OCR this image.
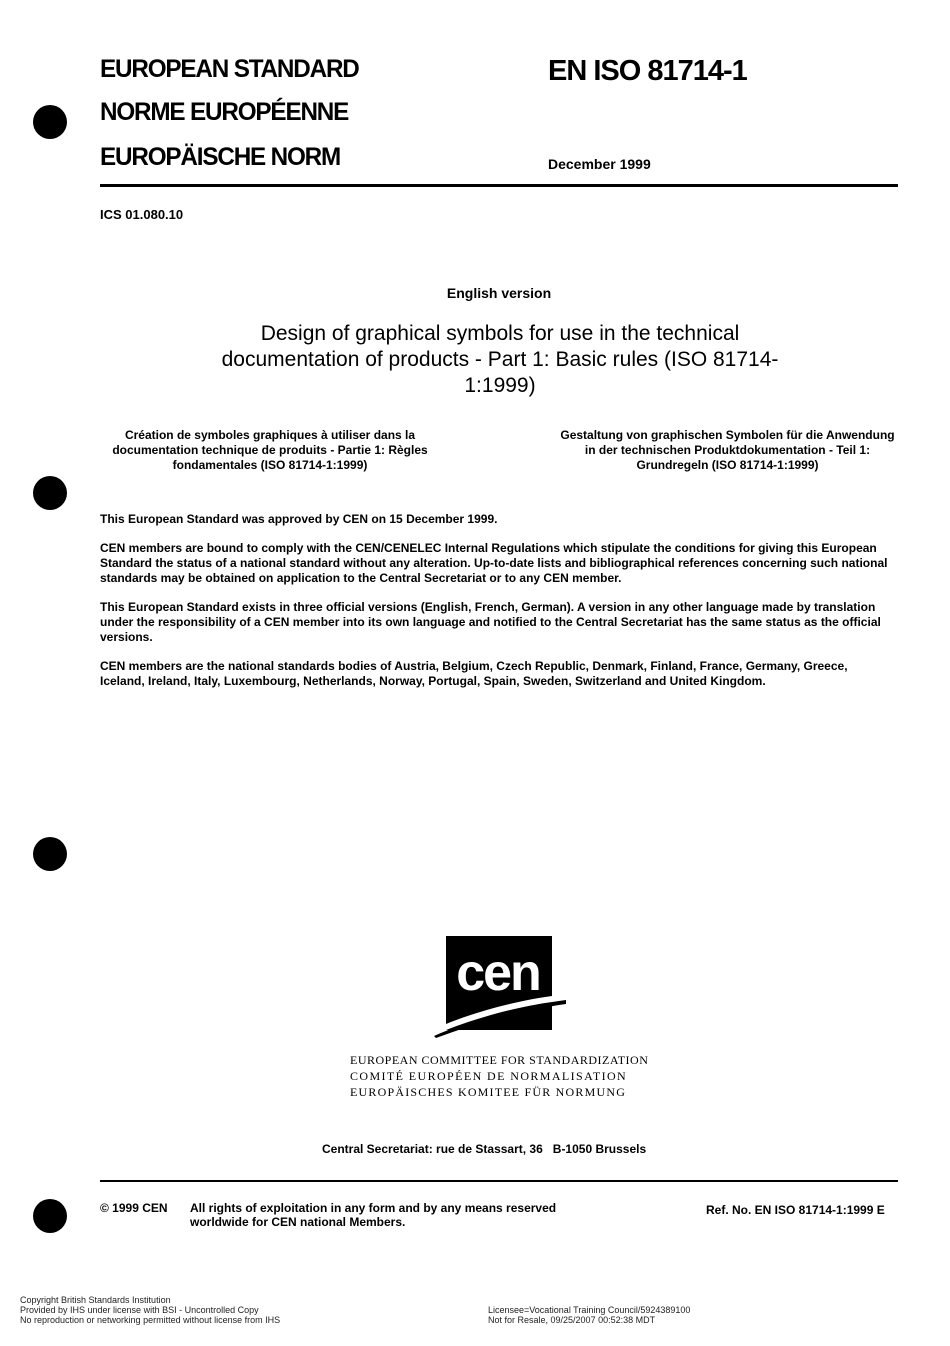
EUROPEAN STANDARD
NORME EUROPÉENNE
EUROPÄISCHE NORM
EN ISO 81714-1
December 1999
ICS 01.080.10
English version
Design of graphical symbols for use in the technical
documentation of products - Part 1: Basic rules (ISO 81714-
1:1999)
Création de symboles graphiques à utiliser dans la
documentation technique de produits - Partie 1: Règles
fondamentales (ISO 81714-1:1999)
Gestaltung von graphischen Symbolen für die Anwendung
in der technischen Produktdokumentation - Teil 1:
Grundregeln (ISO 81714-1:1999)
This European Standard was approved by CEN on 15 December 1999.
CEN members are bound to comply with the CEN/CENELEC Internal Regulations which stipulate the conditions for giving this European Standard the status of a national standard without any alteration. Up-to-date lists and bibliographical references concerning such national standards may be obtained on application to the Central Secretariat or to any CEN member.
This European Standard exists in three official versions (English, French, German). A version in any other language made by translation under the responsibility of a CEN member into its own language and notified to the Central Secretariat has the same status as the official versions.
CEN members are the national standards bodies of Austria, Belgium, Czech Republic, Denmark, Finland, France, Germany, Greece, Iceland, Ireland, Italy, Luxembourg, Netherlands, Norway, Portugal, Spain, Sweden, Switzerland and United Kingdom.
cen
EUROPEAN COMMITTEE FOR STANDARDIZATION
COMITÉ EUROPÉEN DE NORMALISATION
EUROPÄISCHES KOMITEE FÜR NORMUNG
Central Secretariat: rue de Stassart, 36   B-1050 Brussels
© 1999 CEN All rights of exploitation in any form and by any means reserved
worldwide for CEN national Members.
Ref. No. EN ISO 81714-1:1999 E
Copyright British Standards Institution
Provided by IHS under license with BSI - Uncontrolled Copy
No reproduction or networking permitted without license from IHS
Licensee=Vocational Training Council/5924389100
Not for Resale, 09/25/2007 00:52:38 MDT
